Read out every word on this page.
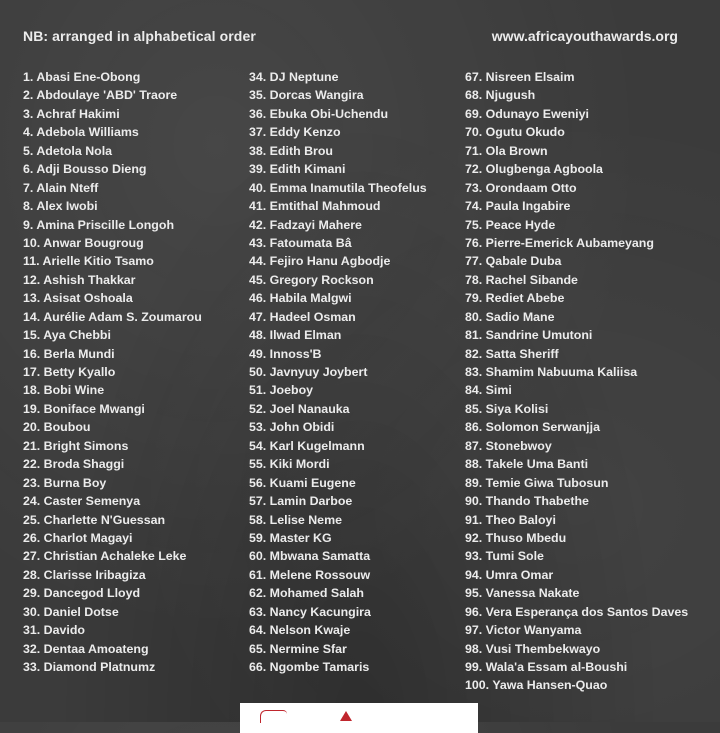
NB: arranged in alphabetical order	www.africayouthawards.org
1. Abasi Ene-Obong
2. Abdoulaye 'ABD' Traore
3. Achraf Hakimi
4. Adebola Williams
5. Adetola Nola
6. Adji Bousso Dieng
7. Alain Nteff
8. Alex Iwobi
9. Amina Priscille Longoh
10. Anwar Bougroug
11. Arielle Kitio Tsamo
12. Ashish Thakkar
13. Asisat Oshoala
14. Aurélie Adam S. Zoumarou
15. Aya Chebbi
16. Berla Mundi
17. Betty Kyallo
18. Bobi Wine
19. Boniface Mwangi
20. Boubou
21. Bright Simons
22. Broda Shaggi
23. Burna Boy
24. Caster Semenya
25. Charlette N'Guessan
26. Charlot Magayi
27. Christian Achaleke Leke
28. Clarisse Iribagiza
29. Dancegod Lloyd
30. Daniel Dotse
31. Davido
32. Dentaa Amoateng
33. Diamond Platnumz
34. DJ Neptune
35. Dorcas Wangira
36. Ebuka Obi-Uchendu
37. Eddy Kenzo
38. Edith Brou
39. Edith Kimani
40. Emma Inamutila Theofelus
41. Emtithal Mahmoud
42. Fadzayi Mahere
43. Fatoumata Bâ
44. Fejiro Hanu Agbodje
45. Gregory Rockson
46. Habila Malgwi
47. Hadeel Osman
48. Ilwad Elman
49. Innoss'B
50. Javnyuy Joybert
51. Joeboy
52. Joel Nanauka
53. John Obidi
54. Karl Kugelmann
55. Kiki Mordi
56. Kuami Eugene
57. Lamin Darboe
58. Lelise Neme
59. Master KG
60. Mbwana Samatta
61. Melene Rossouw
62. Mohamed Salah
63. Nancy Kacungira
64. Nelson Kwaje
65. Nermine Sfar
66. Ngombe Tamaris
67. Nisreen Elsaim
68. Njugush
69. Odunayo Eweniyi
70. Ogutu Okudo
71. Ola Brown
72. Olugbenga Agboola
73. Orondaam Otto
74. Paula Ingabire
75. Peace Hyde
76. Pierre-Emerick Aubameyang
77. Qabale Duba
78. Rachel Sibande
79. Rediet Abebe
80. Sadio Mane
81. Sandrine Umutoni
82. Satta Sheriff
83. Shamim Nabuuma Kaliisa
84. Simi
85. Siya Kolisi
86. Solomon Serwanjja
87. Stonebwoy
88. Takele Uma Banti
89. Temie Giwa Tubosun
90. Thando Thabethe
91. Theo Baloyi
92. Thuso Mbedu
93. Tumi Sole
94. Umra Omar
95. Vanessa Nakate
96. Vera Esperança dos Santos Daves
97. Victor Wanyama
98. Vusi Thembekwayo
99. Wala'a Essam al-Boushi
100. Yawa Hansen-Quao
